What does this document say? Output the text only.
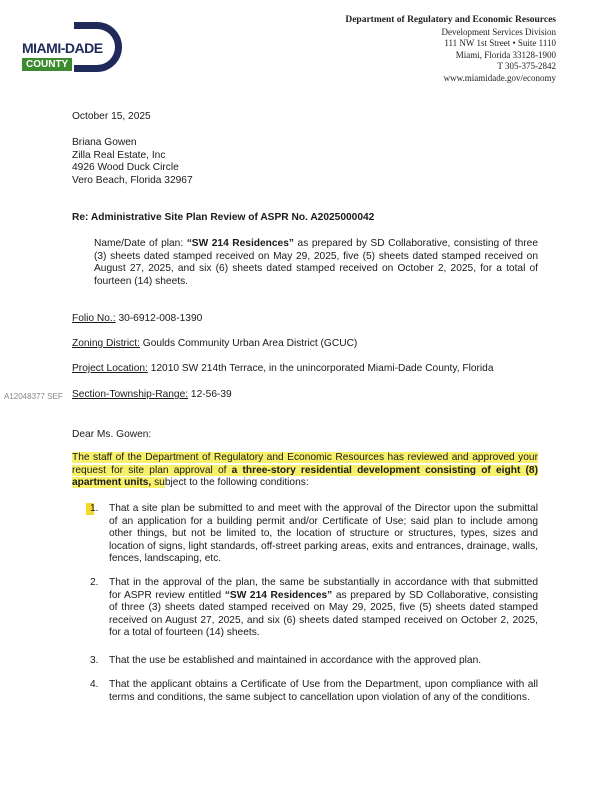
MIAMI-DADE
COUNTY
Department of Regulatory and Economic Resources
Development Services Division
111 NW 1st Street • Suite 1110
Miami, Florida 33128-1900
T 305-375-2842
www.miamidade.gov/economy
October 15, 2025
Briana Gowen
Zilla Real Estate, Inc
4926 Wood Duck Circle
Vero Beach, Florida 32967
Re: Administrative Site Plan Review of ASPR No. A2025000042
Name/Date of plan: “SW 214 Residences” as prepared by SD Collaborative, consisting of three (3) sheets dated stamped received on May 29, 2025, five (5) sheets dated stamped received on August 27, 2025, and six (6) sheets dated stamped received on October 2, 2025, for a total of fourteen (14) sheets.
Folio No.: 30-6912-008-1390
Zoning District: Goulds Community Urban Area District (GCUC)
Project Location: 12010 SW 214th Terrace, in the unincorporated Miami-Dade County, Florida
A12048377 SEF Section-Township-Range: 12-56-39
Dear Ms. Gowen:
The staff of the Department of Regulatory and Economic Resources has reviewed and approved your request for site plan approval of a three-story residential development consisting of eight (8) apartment units, subject to the following conditions:
1.	That a site plan be submitted to and meet with the approval of the Director upon the submittal of an application for a building permit and/or Certificate of Use; said plan to include among other things, but not be limited to, the location of structure or structures, types, sizes and location of signs, light standards, off-street parking areas, exits and entrances, drainage, walls, fences, landscaping, etc.
2.	That in the approval of the plan, the same be substantially in accordance with that submitted for ASPR review entitled “SW 214 Residences” as prepared by SD Collaborative, consisting of three (3) sheets dated stamped received on May 29, 2025, five (5) sheets dated stamped received on August 27, 2025, and six (6) sheets dated stamped received on October 2, 2025, for a total of fourteen (14) sheets.
3.	That the use be established and maintained in accordance with the approved plan.
4.	That the applicant obtains a Certificate of Use from the Department, upon compliance with all terms and conditions, the same subject to cancellation upon violation of any of the conditions.
